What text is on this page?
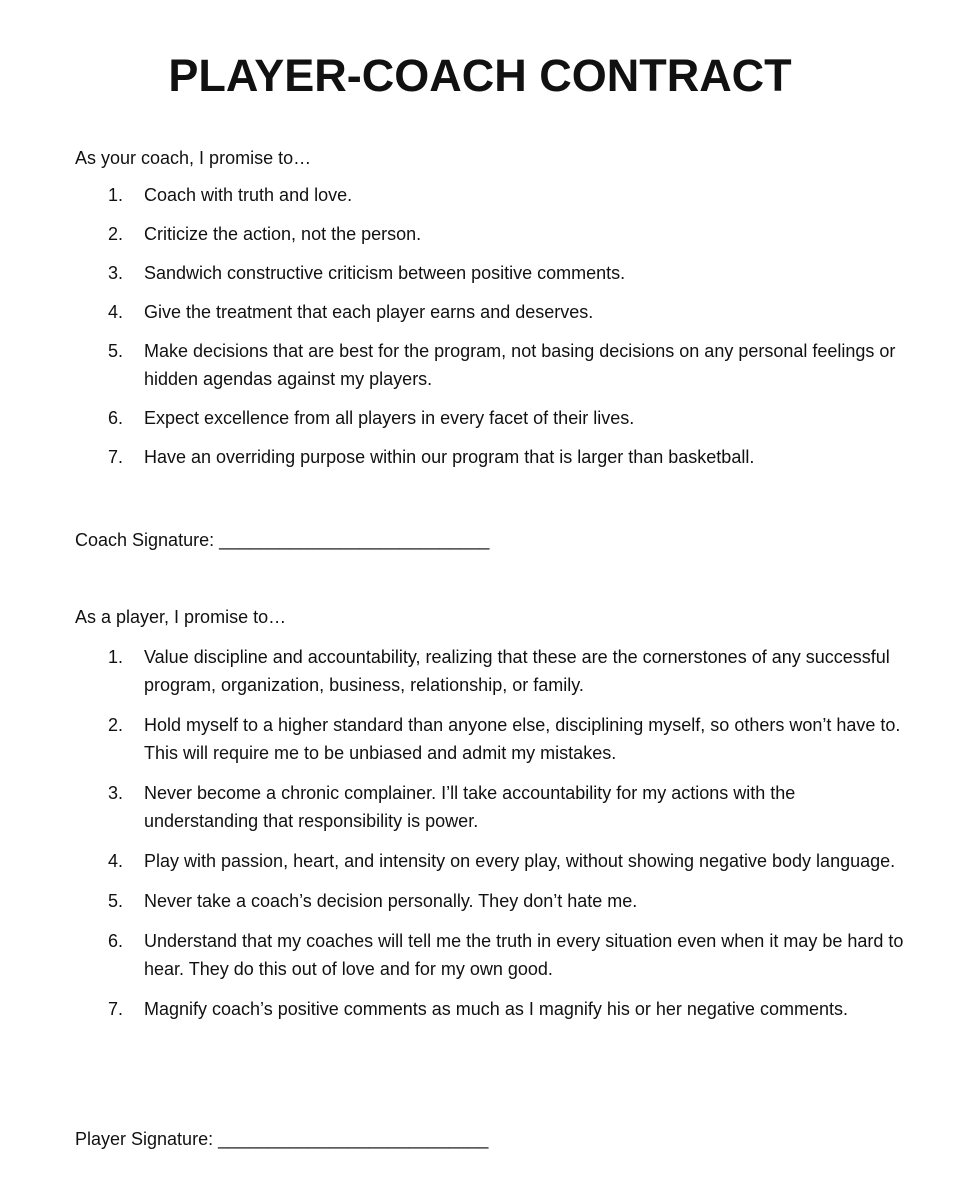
PLAYER-COACH CONTRACT

As your coach, I promise to…

1.	Coach with truth and love.
2.	Criticize the action, not the person.
3.	Sandwich constructive criticism between positive comments.
4.	Give the treatment that each player earns and deserves.
5.	Make decisions that are best for the program, not basing decisions on any personal feelings or hidden agendas against my players.
6.	Expect excellence from all players in every facet of their lives.
7.	Have an overriding purpose within our program that is larger than basketball.

Coach Signature: ___________________________

As a player, I promise to…

1.	Value discipline and accountability, realizing that these are the cornerstones of any successful program, organization, business, relationship, or family.
2.	Hold myself to a higher standard than anyone else, disciplining myself, so others won’t have to. This will require me to be unbiased and admit my mistakes.
3.	Never become a chronic complainer. I’ll take accountability for my actions with the understanding that responsibility is power.
4.	Play with passion, heart, and intensity on every play, without showing negative body language.
5.	Never take a coach’s decision personally. They don’t hate me.
6.	Understand that my coaches will tell me the truth in every situation even when it may be hard to hear. They do this out of love and for my own good.
7.	Magnify coach’s positive comments as much as I magnify his or her negative comments.

Player Signature: ___________________________
